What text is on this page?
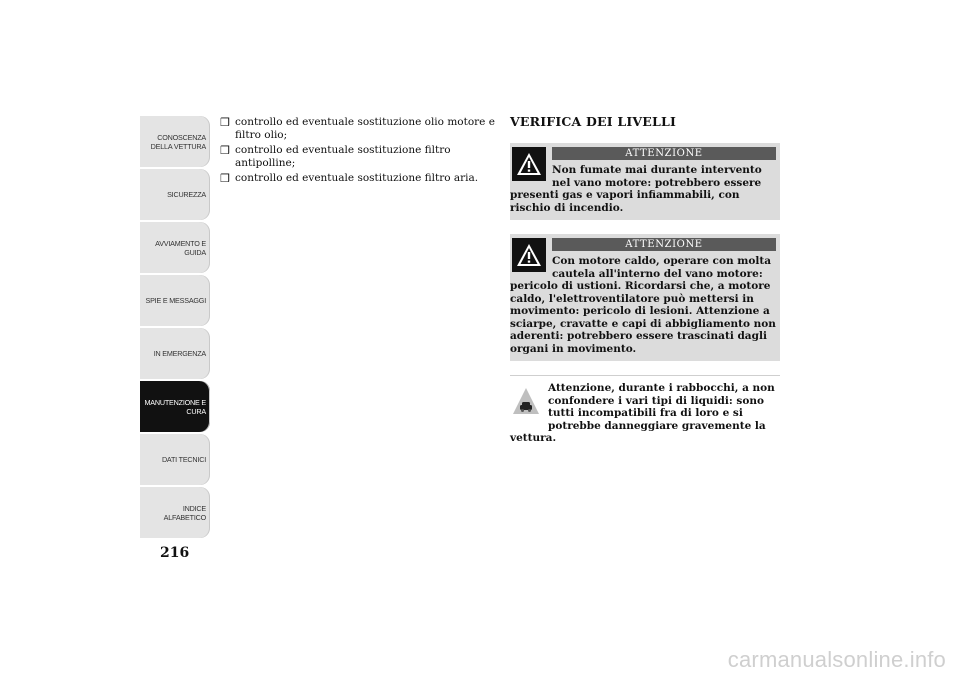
CONOSCENZA
DELLA VETTURA
SICUREZZA
AVVIAMENTO E
GUIDA
SPIE E MESSAGGI
IN EMERGENZA
MANUTENZIONE E
CURA
DATI TECNICI
INDICE
ALFABETICO
216
❒ controllo ed eventuale sostituzione olio motore e filtro olio;
❒ controllo ed eventuale sostituzione filtro antipolline;
❒ controllo ed eventuale sostituzione filtro aria.
VERIFICA DEI LIVELLI
ATTENZIONE
Non fumate mai durante intervento nel vano motore: potrebbero essere presenti gas e vapori infiammabili, con rischio di incendio.
ATTENZIONE
Con motore caldo, operare con molta cautela all'interno del vano motore: pericolo di ustioni. Ricordarsi che, a motore caldo, l'elettroventilatore può mettersi in movimento: pericolo di lesioni. Attenzione a sciarpe, cravatte e capi di abbigliamento non aderenti: potrebbero essere trascinati dagli organi in movimento.
Attenzione, durante i rabbocchi, a non confondere i vari tipi di liquidi: sono tutti incompatibili fra di loro e si potrebbe danneggiare gravemente la vettura.
carmanualsonline.info
